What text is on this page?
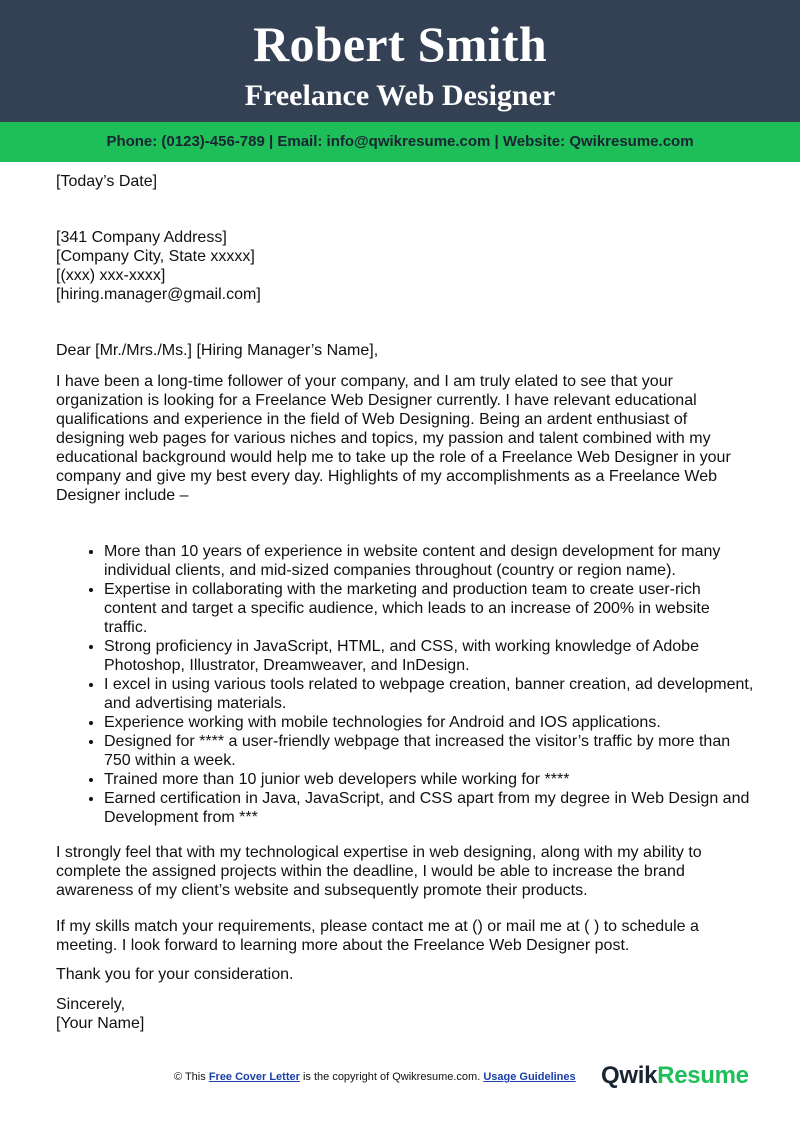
Robert Smith
Freelance Web Designer
Phone: (0123)-456-789 | Email: info@qwikresume.com | Website: Qwikresume.com

[Today’s Date]

[341 Company Address]

[Company City, State xxxxx]

[(xxx) xxx-xxxx]

[hiring.manager@gmail.com]

Dear [Mr./Mrs./Ms.] [Hiring Manager’s Name],

I have been a long-time follower of your company, and I am truly elated to see that your organization is looking for a Freelance Web Designer currently. I have relevant educational qualifications and experience in the field of Web Designing. Being an ardent enthusiast of designing web pages for various niches and topics, my passion and talent combined with my educational background would help me to take up the role of a Freelance Web Designer in your company and give my best every day. Highlights of my accomplishments as a Freelance Web Designer include –

• More than 10 years of experience in website content and design development for many individual clients, and mid-sized companies throughout (country or region name).
• Expertise in collaborating with the marketing and production team to create user-rich content and target a specific audience, which leads to an increase of 200% in website traffic.
• Strong proficiency in JavaScript, HTML, and CSS, with working knowledge of Adobe Photoshop, Illustrator, Dreamweaver, and InDesign.
• I excel in using various tools related to webpage creation, banner creation, ad development, and advertising materials.
• Experience working with mobile technologies for Android and IOS applications.
• Designed for **** a user-friendly webpage that increased the visitor’s traffic by more than 750 within a week.
• Trained more than 10 junior web developers while working for ****
• Earned certification in Java, JavaScript, and CSS apart from my degree in Web Design and Development from ***

I strongly feel that with my technological expertise in web designing, along with my ability to complete the assigned projects within the deadline, I would be able to increase the brand awareness of my client’s website and subsequently promote their products.

If my skills match your requirements, please contact me at () or mail me at ( ) to schedule a meeting. I look forward to learning more about the Freelance Web Designer post.

Thank you for your consideration.

Sincerely,

[Your Name]

© This Free Cover Letter is the copyright of Qwikresume.com. Usage Guidelines QwikResume
